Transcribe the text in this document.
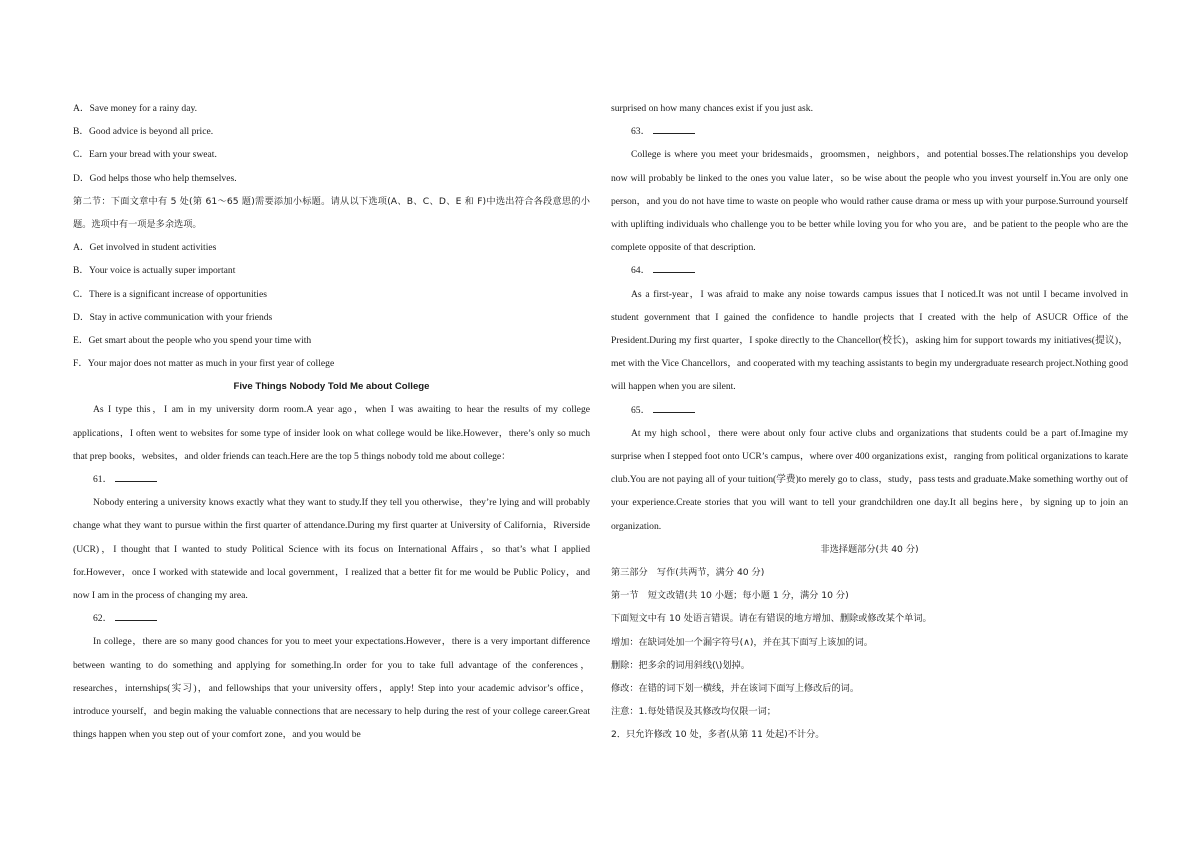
A．Save money for a rainy day.
B．Good advice is beyond all price.
C．Earn your bread with your sweat.
D．God helps those who help themselves.
第二节：下面文章中有 5 处(第 61～65 题)需要添加小标题。请从以下选项(A、B、C、D、E 和 F)中选出符合各段意思的小题。选项中有一项是多余选项。
A．Get involved in student activities
B．Your voice is actually super important
C．There is a significant increase of opportunities
D．Stay in active communication with your friends
E．Get smart about the people who you spend your time with
F．Your major does not matter as much in your first year of college
Five Things Nobody Told Me about College
As I type this，I am in my university dorm room.A year ago，when I was awaiting to hear the results of my college applications，I often went to websites for some type of insider look on what college would be like.However，there’s only so much that prep books，websites，and older friends can teach.Here are the top 5 things nobody told me about college：
61．
Nobody entering a university knows exactly what they want to study.If they tell you otherwise，they’re lying and will probably change what they want to pursue within the first quarter of attendance.During my first quarter at University of California，Riverside (UCR)，I thought that I wanted to study Political Science with its focus on International Affairs，so that’s what I applied for.However，once I worked with statewide and local government，I realized that a better fit for me would be Public Policy，and now I am in the process of changing my area.
62．
In college，there are so many good chances for you to meet your expectations.However，there is a very important difference between wanting to do something and applying for something.In order for you to take full advantage of the conferences，researches，internships(实习)，and fellowships that your university offers，apply! Step into your academic advisor’s office，introduce yourself，and begin making the valuable connections that are necessary to help during the rest of your college career.Great things happen when you step out of your comfort zone，and you would be
surprised on how many chances exist if you just ask.
63．
College is where you meet your bridesmaids，groomsmen，neighbors，and potential bosses.The relationships you develop now will probably be linked to the ones you value later，so be wise about the people who you invest yourself in.You are only one person，and you do not have time to waste on people who would rather cause drama or mess up with your purpose.Surround yourself with uplifting individuals who challenge you to be better while loving you for who you are，and be patient to the people who are the complete opposite of that description.
64．
As a first-year，I was afraid to make any noise towards campus issues that I noticed.It was not until I became involved in student government that I gained the confidence to handle projects that I created with the help of ASUCR Office of the President.During my first quarter，I spoke directly to the Chancellor(校长)，asking him for support towards my initiatives(提议)，met with the Vice Chancellors，and cooperated with my teaching assistants to begin my undergraduate research project.Nothing good will happen when you are silent.
65．
At my high school，there were about only four active clubs and organizations that students could be a part of.Imagine my surprise when I stepped foot onto UCR’s campus，where over 400 organizations exist，ranging from political organizations to karate club.You are not paying all of your tuition(学费)to merely go to class，study，pass tests and graduate.Make something worthy out of your experience.Create stories that you will want to tell your grandchildren one day.It all begins here，by signing up to join an organization.
非选择题部分(共 40 分)
第三部分　写作(共两节，满分 40 分)
第一节　短文改错(共 10 小题；每小题 1 分，满分 10 分)
下面短文中有 10 处语言错误。请在有错误的地方增加、删除或修改某个单词。
增加：在缺词处加一个漏字符号(∧)，并在其下面写上该加的词。
删除：把多余的词用斜线(\)划掉。
修改：在错的词下划一横线，并在该词下面写上修改后的词。
注意：1.每处错误及其修改均仅限一词；
2．只允许修改 10 处，多者(从第 11 处起)不计分。
